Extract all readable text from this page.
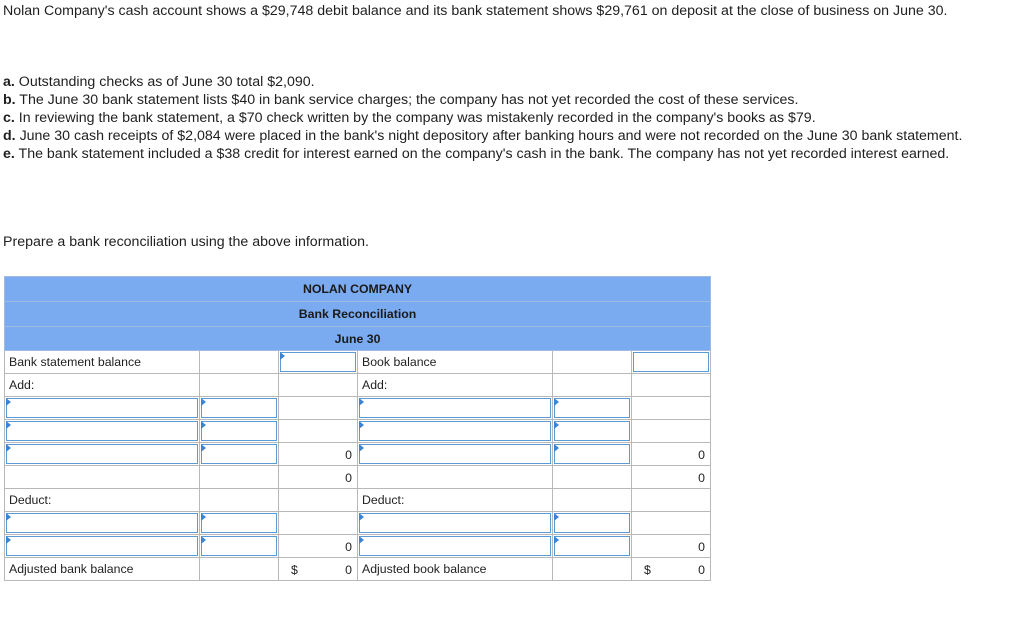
Nolan Company's cash account shows a $29,748 debit balance and its bank statement shows $29,761 on deposit at the close of business on June 30.

a. Outstanding checks as of June 30 total $2,090.
b. The June 30 bank statement lists $40 in bank service charges; the company has not yet recorded the cost of these services.
c. In reviewing the bank statement, a $70 check written by the company was mistakenly recorded in the company's books as $79.
d. June 30 cash receipts of $2,084 were placed in the bank's night depository after banking hours and were not recorded on the June 30 bank statement.
e. The bank statement included a $38 credit for interest earned on the company's cash in the bank. The company has not yet recorded interest earned.
Prepare a bank reconciliation using the above information.
NOLAN COMPANY					
Bank Reconciliation					
June 30					
Bank statement balance			Book balance		

Add:			Add:		

		0			0

		0			0

Deduct:			Deduct:		

		0			0

Adjusted bank balance		$ 0	Adjusted book balance		$ 0
